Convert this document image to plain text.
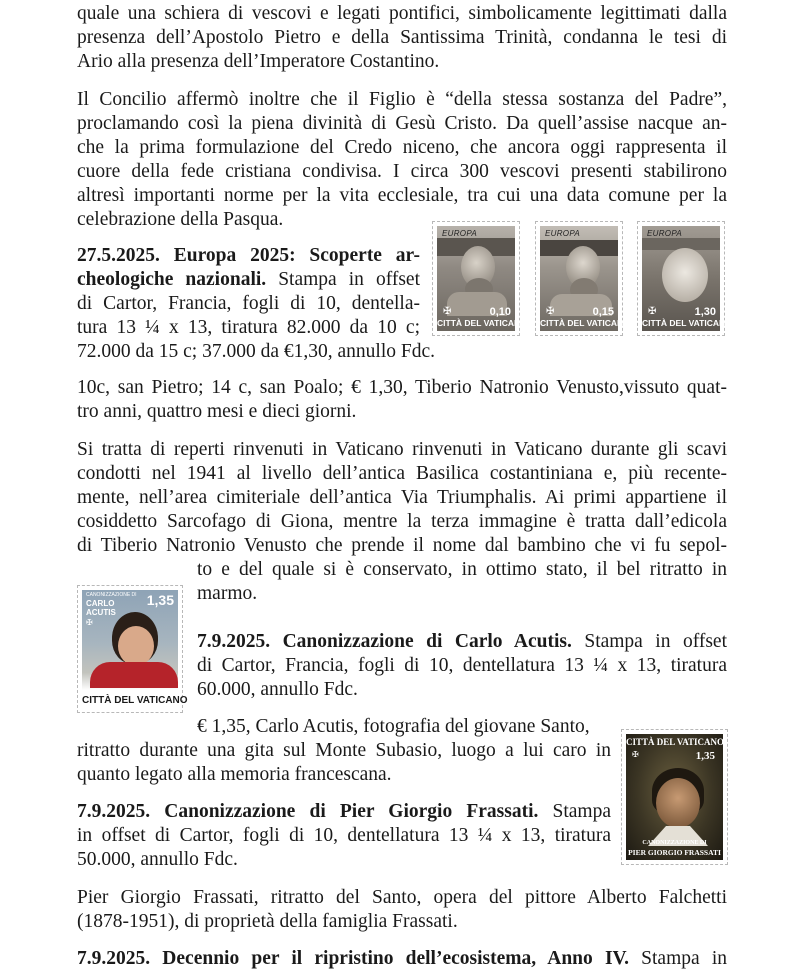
quale una schiera di vescovi e legati pontifici, simbolicamente legittimati dalla
presenza dell’Apostolo Pietro e della Santissima Trinità, condanna le tesi di
Ario alla presenza dell’Imperatore Costantino.
Il Concilio affermò inoltre che il Figlio è “della stessa sostanza del Padre”,
proclamando così la piena divinità di Gesù Cristo. Da quell’assise nacque an-
che la prima formulazione del Credo niceno, che ancora oggi rappresenta il
cuore della fede cristiana condivisa. I circa 300 vescovi presenti stabilirono
altresì importanti norme per la vita ecclesiale, tra cui una data comune per la
celebrazione della Pasqua.
27.5.2025. Europa 2025: Scoperte ar-
cheologiche nazionali. Stampa in offset
di Cartor, Francia, fogli di 10, dentella-
tura 13 ¼ x 13, tiratura 82.000 da 10 c;
72.000 da 15 c; 37.000 da €1,30, annullo Fdc.
EUROPA
✠	0,10
CITTÀ DEL VATICANO
EUROPA
✠	0,15
CITTÀ DEL VATICANO
EUROPA
✠	1,30
CITTÀ DEL VATICANO
10c, san Pietro; 14 c, san Poalo; € 1,30, Tiberio Natronio Venusto,vissuto quat-
tro anni, quattro mesi e dieci giorni.
Si tratta di reperti rinvenuti in Vaticano rinvenuti in Vaticano durante gli scavi
condotti nel 1941 al livello dell’antica Basilica costantiniana e, più recente-
mente, nell’area cimiteriale dell’antica Via Triumphalis. Ai primi appartiene il
cosiddetto Sarcofago di Giona, mentre la terza immagine è tratta dall’edicola
di Tiberio Natronio Venusto che prende il nome dal bambino che vi fu sepol-
to e del quale si è conservato, in ottimo stato, il bel ritratto in
marmo.
CANONIZZAZIONE DI
CARLO
ACUTIS
✠
1,35
CITTÀ DEL VATICANO
7.9.2025. Canonizzazione di Carlo Acutis. Stampa in offset
di Cartor, Francia, fogli di 10, dentellatura 13 ¼ x 13, tiratura
60.000, annullo Fdc.
€ 1,35, Carlo Acutis, fotografia del giovane Santo,
ritratto durante una gita sul Monte Subasio, luogo a lui caro in
quanto legato alla memoria francescana.
CITTÀ DEL VATICANO
✠	1,35
CANONIZZAZIONE DI
PIER GIORGIO FRASSATI
7.9.2025. Canonizzazione di Pier Giorgio Frassati. Stampa
in offset di Cartor, fogli di 10, dentellatura 13 ¼ x 13, tiratura
50.000, annullo Fdc.
Pier Giorgio Frassati, ritratto del Santo, opera del pittore Alberto Falchetti
(1878-1951), di proprietà della famiglia Frassati.
7.9.2025. Decennio per il ripristino dell’ecosistema, Anno IV. Stampa in
